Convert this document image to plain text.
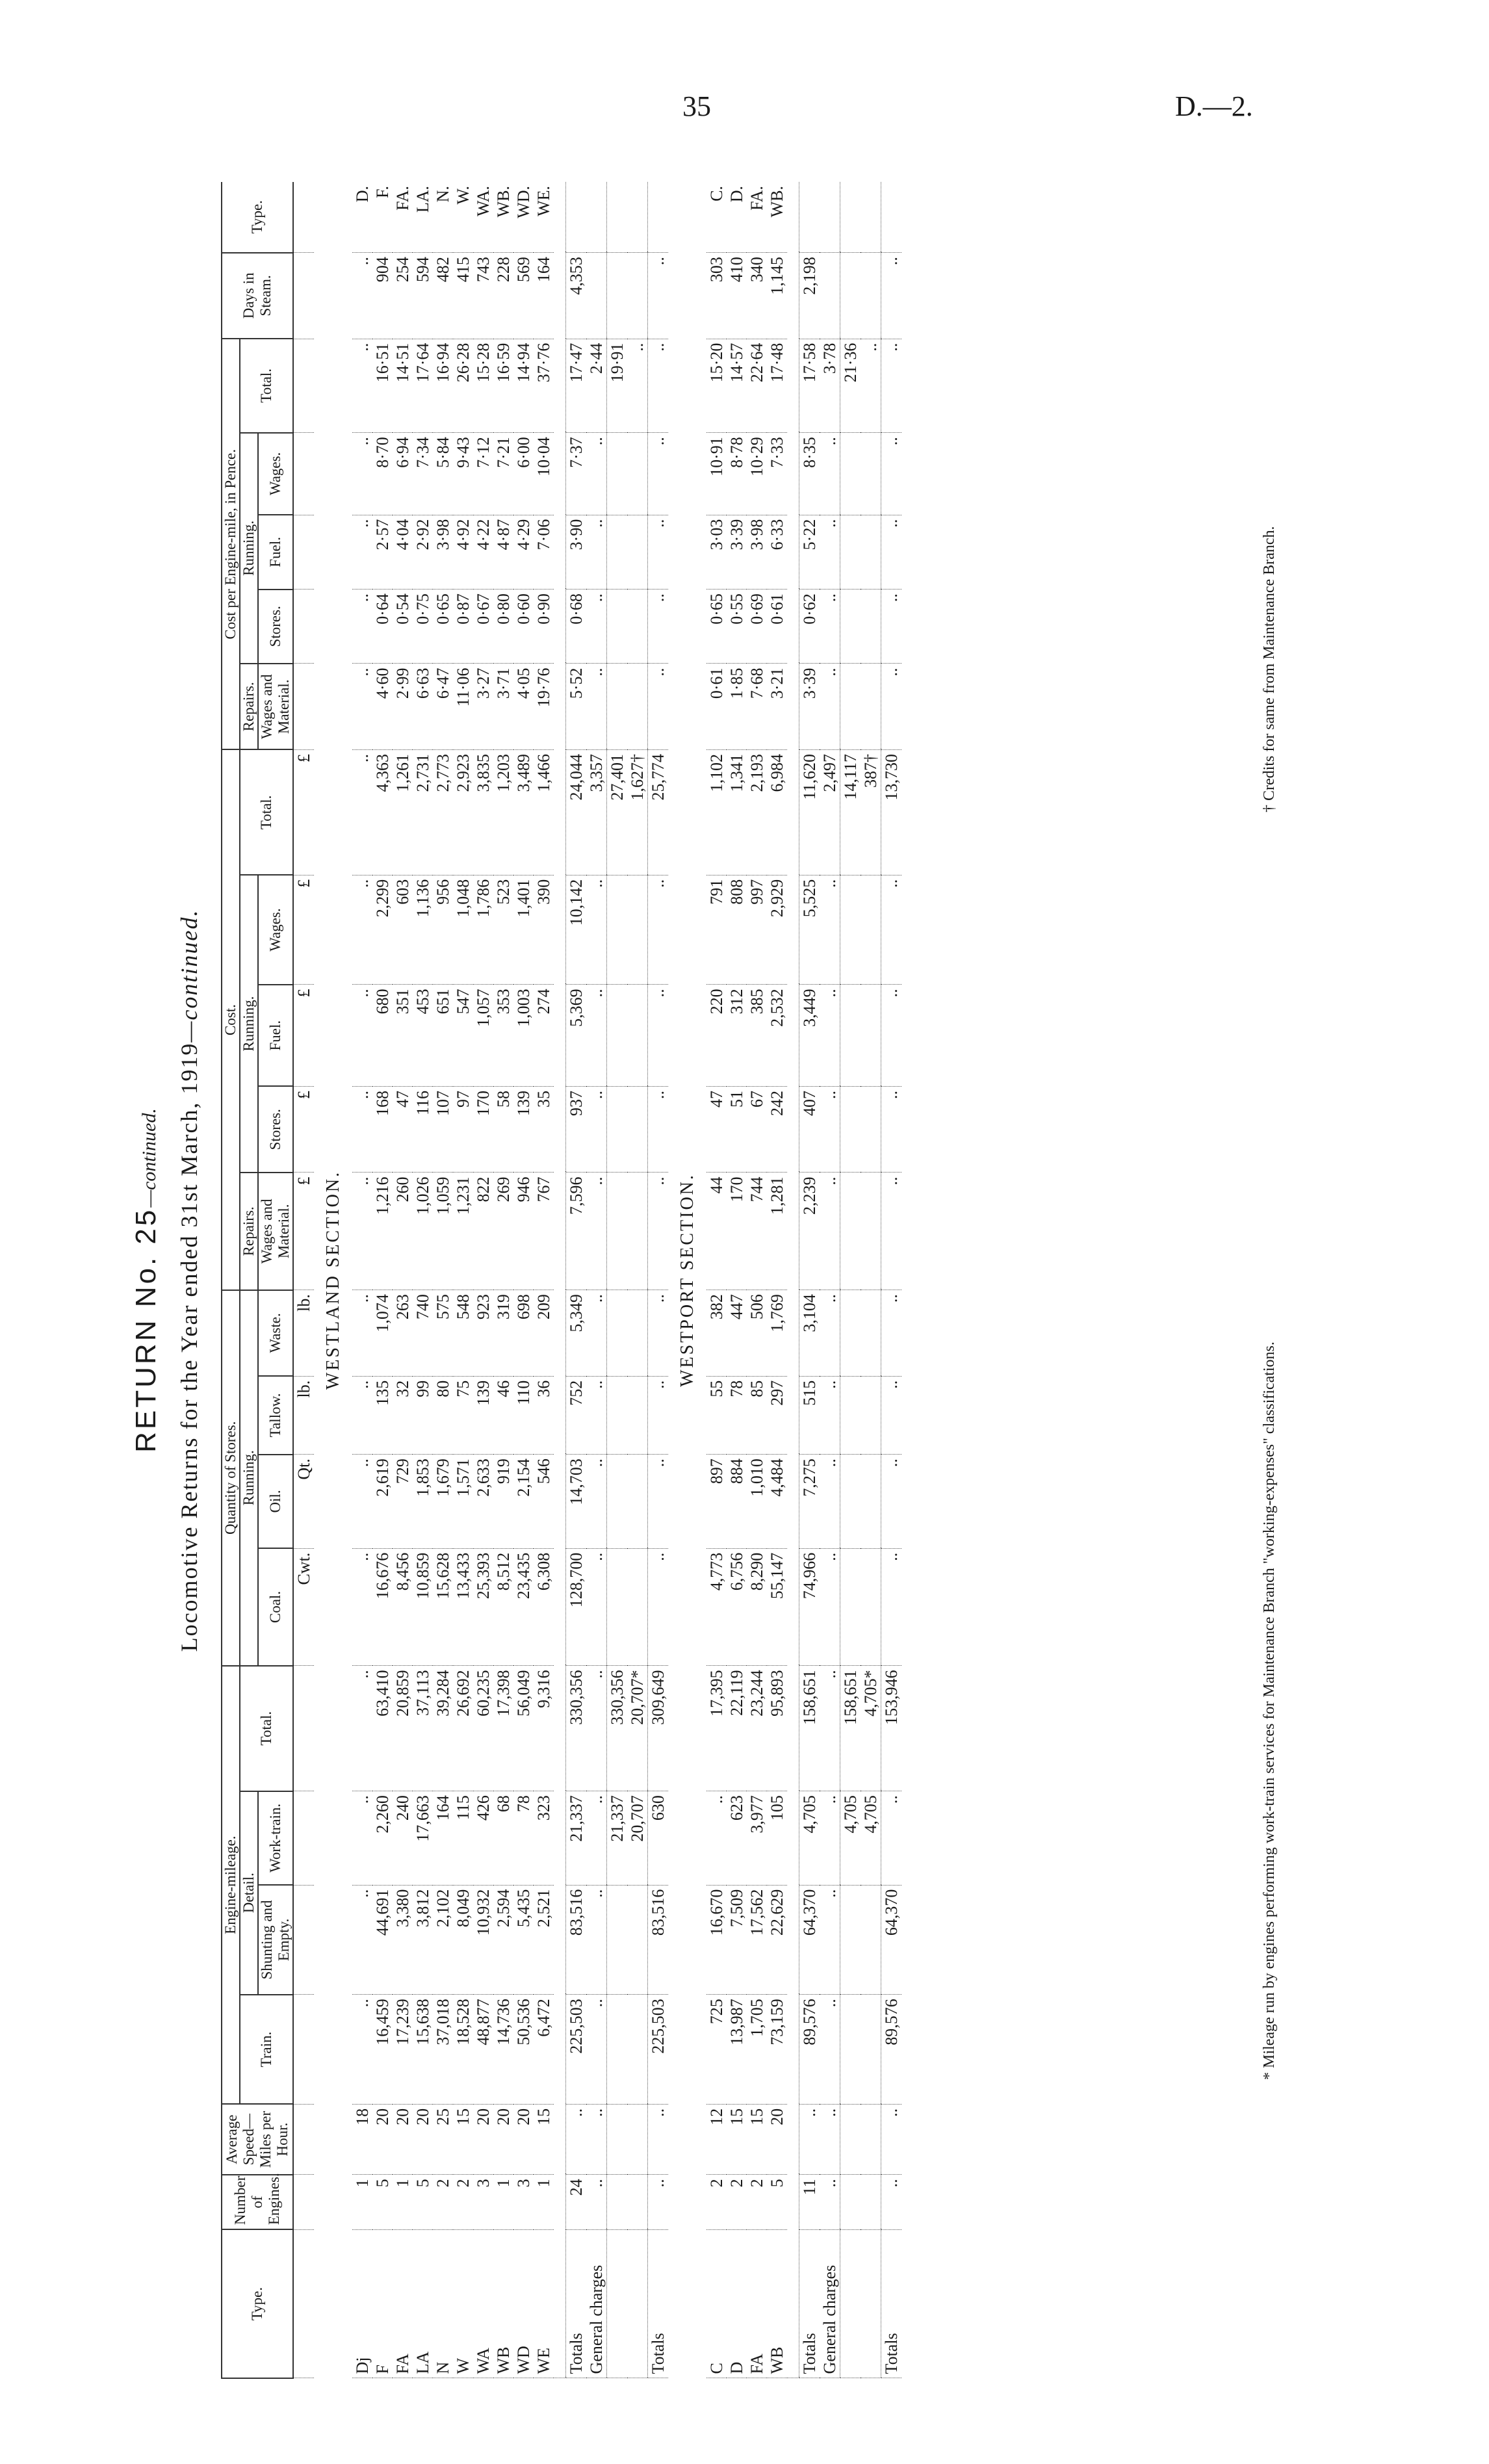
35	D.—2.
RETURN No. 25—continued. Locomotive Returns for the Year ended 31st March, 1919—continued.
Type.	Number of Engines.	Average Speed—Miles per Hour.	Engine-mileage.				Quantity of Stores.				Cost.					Cost per Engine-mile, in Pence.					Days in Steam.	Type.
			Train.	Detail.		Total.	Running.				Repairs.	Running.			Total.	Repairs.	Running.			Total.		
				Shunting and Empty.	Work-train.		Coal.	Oil.	Tallow.	Waste.	Wages and Material.	Stores.	Fuel.	Wages.		Wages and Material.	Stores.	Fuel.	Wages.			
							Cwt.	Qt.	lb.	lb.	£	£	£	£	£							
WESTLAND SECTION.																						
Dj	1	18	..	..	..	..	..	..	..	..	..	..	..	..	..	..	..	..	..	..	..	D.
F	5	20	16,459	44,691	2,260	63,410	16,676	2,619	135	1,074	1,216	168	680	2,299	4,363	4·60	0·64	2·57	8·70	16·51	904	F.
FA	1	20	17,239	3,380	240	20,859	8,456	729	32	263	260	47	351	603	1,261	2·99	0·54	4·04	6·94	14·51	254	FA.
LA	5	20	15,638	3,812	17,663	37,113	10,859	1,853	99	740	1,026	116	453	1,136	2,731	6·63	0·75	2·92	7·34	17·64	594	LA.
N	2	25	37,018	2,102	164	39,284	15,628	1,679	80	575	1,059	107	651	956	2,773	6·47	0·65	3·98	5·84	16·94	482	N.
W	2	15	18,528	8,049	115	26,692	13,433	1,571	75	548	1,231	97	547	1,048	2,923	11·06	0·87	4·92	9·43	26·28	415	W.
WA	3	20	48,877	10,932	426	60,235	25,393	2,633	139	923	822	170	1,057	1,786	3,835	3·27	0·67	4·22	7·12	15·28	743	WA.
WB	1	20	14,736	2,594	68	17,398	8,512	919	46	319	269	58	353	523	1,203	3·71	0·80	4·87	7·21	16·59	228	WB.
WD	3	20	50,536	5,435	78	56,049	23,435	2,154	110	698	946	139	1,003	1,401	3,489	4·05	0·60	4·29	6·00	14·94	569	WD.
WE	1	15	6,472	2,521	323	9,316	6,308	546	36	209	767	35	274	390	1,466	19·76	0·90	7·06	10·04	37·76	164	WE.

Totals	24	..	225,503	83,516	21,337	330,356	128,700	14,703	752	5,349	7,596	937	5,369	10,142	24,044	5·52	0·68	3·90	7·37	17·47	4,353	
General charges	..	..	..	..	..	..	..	..	..	..	..	..	..	..	3,357	..	..	..	..	2·44		
					21,337	330,356									27,401					19·91		
					20,707	20,707*									1,627†					..		
Totals	..	..	225,503	83,516	630	309,649	..	..	..	..	..	..	..	..	25,774	..	..	..	..	..	..	
WESTPORT SECTION.																						
C	2	12	725	16,670	..	17,395	4,773	897	55	382	44	47	220	791	1,102	0·61	0·65	3·03	10·91	15·20	303	C.
D	2	15	13,987	7,509	623	22,119	6,756	884	78	447	170	51	312	808	1,341	1·85	0·55	3·39	8·78	14·57	410	D.
FA	2	15	1,705	17,562	3,977	23,244	8,290	1,010	85	506	744	67	385	997	2,193	7·68	0·69	3·98	10·29	22·64	340	FA.
WB	5	20	73,159	22,629	105	95,893	55,147	4,484	297	1,769	1,281	242	2,532	2,929	6,984	3·21	0·61	6·33	7·33	17·48	1,145	WB.

Totals	11	..	89,576	64,370	4,705	158,651	74,966	7,275	515	3,104	2,239	407	3,449	5,525	11,620	3·39	0·62	5·22	8·35	17·58	2,198	
General charges	..	..	..	..	..	..	..	..	..	..	..	..	..	..	2,497	..	..	..	..	3·78		
					4,705	158,651									14,117					21·36		
					4,705	4,705*									387†					..		
Totals	..	..	89,576	64,370	..	153,946	..	..	..	..	..	..	..	..	13,730	..	..	..	..	..	..	
* Mileage run by engines performing work-train services for Maintenance Branch "working-expenses" classifications.
† Credits for same from Maintenance Branch.
